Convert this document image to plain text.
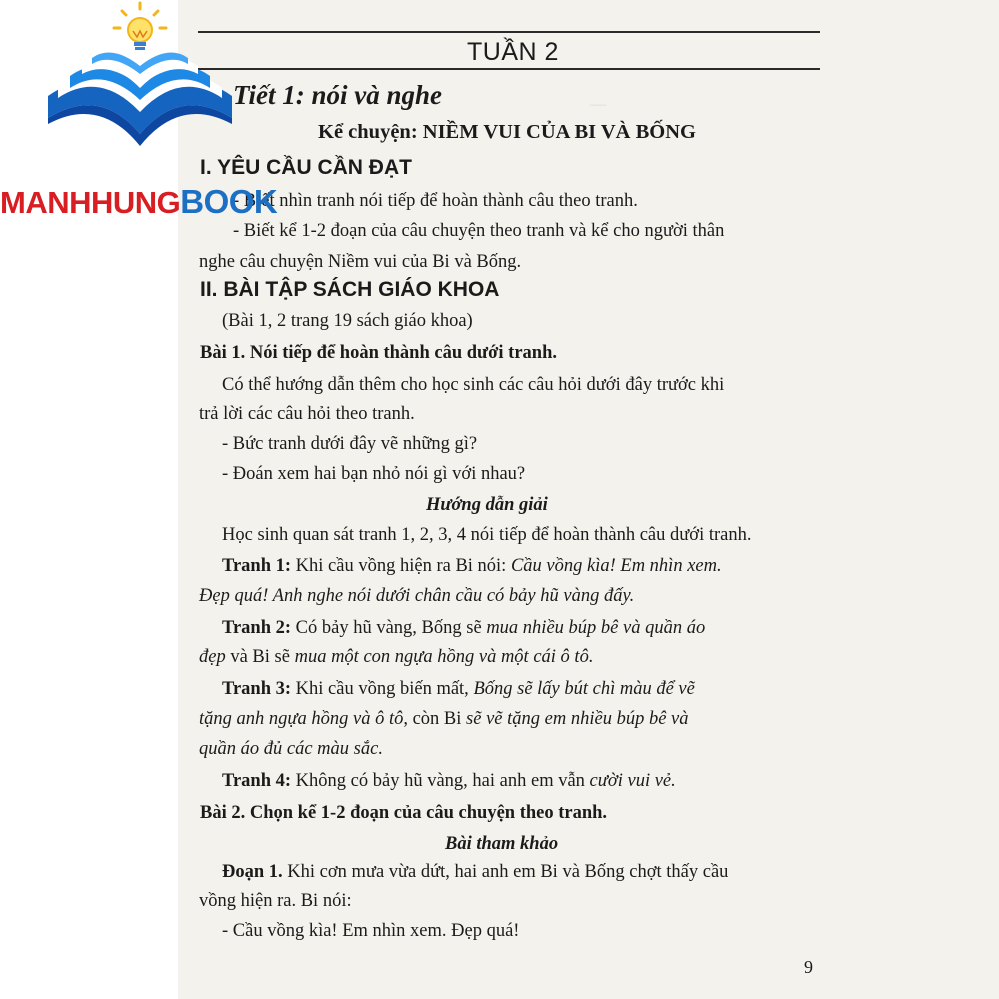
—
TUẦN 2
Tiết 1: nói và nghe
Kể chuyện: NIỀM VUI CỦA BI VÀ BỐNG
I. YÊU CẦU CẦN ĐẠT
- Biết nhìn tranh nói tiếp để hoàn thành câu theo tranh.
- Biết kể 1-2 đoạn của câu chuyện theo tranh và kể cho người thân
nghe câu chuyện Niềm vui của Bi và Bống.
II. BÀI TẬP SÁCH GIÁO KHOA
(Bài 1, 2 trang 19 sách giáo khoa)
Bài 1. Nói tiếp để hoàn thành câu dưới tranh.
Có thể hướng dẫn thêm cho học sinh các câu hỏi dưới đây trước khi
trả lời các câu hỏi theo tranh.
- Bức tranh dưới đây vẽ những gì?
- Đoán xem hai bạn nhỏ nói gì với nhau?
Hướng dẫn giải
Học sinh quan sát tranh 1, 2, 3, 4 nói tiếp để hoàn thành câu dưới tranh.
Tranh 1: Khi cầu vồng hiện ra Bi nói: Cầu vồng kìa! Em nhìn xem.
Đẹp quá! Anh nghe nói dưới chân cầu có bảy hũ vàng đấy.
Tranh 2: Có bảy hũ vàng, Bống sẽ mua nhiều búp bê và quần áo
đẹp và Bi sẽ mua một con ngựa hồng và một cái ô tô.
Tranh 3: Khi cầu vồng biến mất, Bống sẽ lấy bút chì màu để vẽ
tặng anh ngựa hồng và ô tô, còn Bi sẽ vẽ tặng em nhiều búp bê và
quần áo đủ các màu sắc.
Tranh 4: Không có bảy hũ vàng, hai anh em vẫn cười vui vẻ.
Bài 2. Chọn kể 1-2 đoạn của câu chuyện theo tranh.
Bài tham khảo
Đoạn 1. Khi cơn mưa vừa dứt, hai anh em Bi và Bống chợt thấy cầu
vồng hiện ra. Bi nói:
- Cầu vồng kìa! Em nhìn xem. Đẹp quá!
9
MANHHUNGBOOK
